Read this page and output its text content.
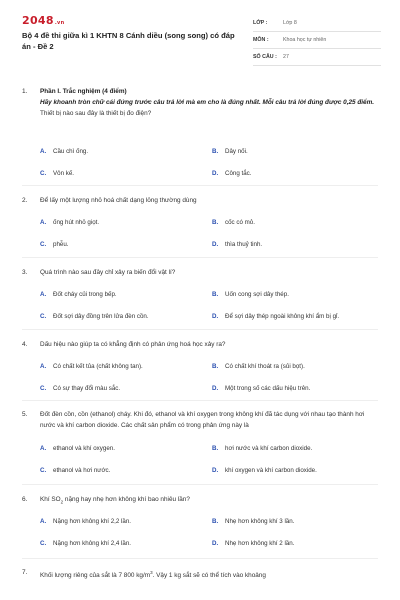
2048.vn
Bộ 4 đề thi giữa kì 1 KHTN 8 Cánh diều (song song) có đáp án - Đề 2
LỚP :	Lớp 8
MÔN :	Khoa học tự nhiên
SỐ CÂU :	27
1. Phần I. Trắc nghiệm (4 điểm)
Hãy khoanh tròn chữ cái đứng trước câu trả lời mà em cho là đúng nhất. Mỗi câu trả lời đúng được 0,25 điểm.
Thiết bị nào sau đây là thiết bị đo điện?
A. Cầu chì ống.	B. Dây nối.
C. Vôn kế.	D. Công tắc.
2. Để lấy một lượng nhỏ hoá chất dạng lỏng thường dùng
A. ống hút nhỏ giọt.	B. cốc có mỏ.
C. phễu.	D. thìa thuỷ tinh.
3. Quá trình nào sau đây chỉ xảy ra biến đổi vật lí?
A. Đốt cháy củi trong bếp.	B. Uốn cong sợi dây thép.
C. Đốt sợi dây đồng trên lửa đèn cồn.	D. Để sợi dây thép ngoài không khí ẩm bị gỉ.
4. Dấu hiệu nào giúp ta có khẳng định có phản ứng hoá học xảy ra?
A. Có chất kết tủa (chất không tan).	B. Có chất khí thoát ra (sủi bọt).
C. Có sự thay đổi màu sắc.	D. Một trong số các dấu hiệu trên.
5. Đốt đèn cồn, cồn (ethanol) cháy. Khi đó, ethanol và khí oxygen trong không khí đã tác dụng với nhau tạo thành hơi nước và khí carbon dioxide. Các chất sản phẩm có trong phản ứng này là
A. ethanol và khí oxygen.	B. hơi nước và khí carbon dioxide.
C. ethanol và hơi nước.	D. khí oxygen và khí carbon dioxide.
6. Khí $SO_2$ nặng hay nhẹ hơn không khí bao nhiêu lần?
A. Nặng hơn không khí 2,2 lần.	B. Nhẹ hơn không khí 3 lần.
C. Nặng hơn không khí 2,4 lần.	D. Nhẹ hơn không khí 2 lần.
7. Khối lượng riêng của sắt là 7 800 $kg/m^3$. Vậy 1 kg sắt sẽ có thể tích vào khoảng
